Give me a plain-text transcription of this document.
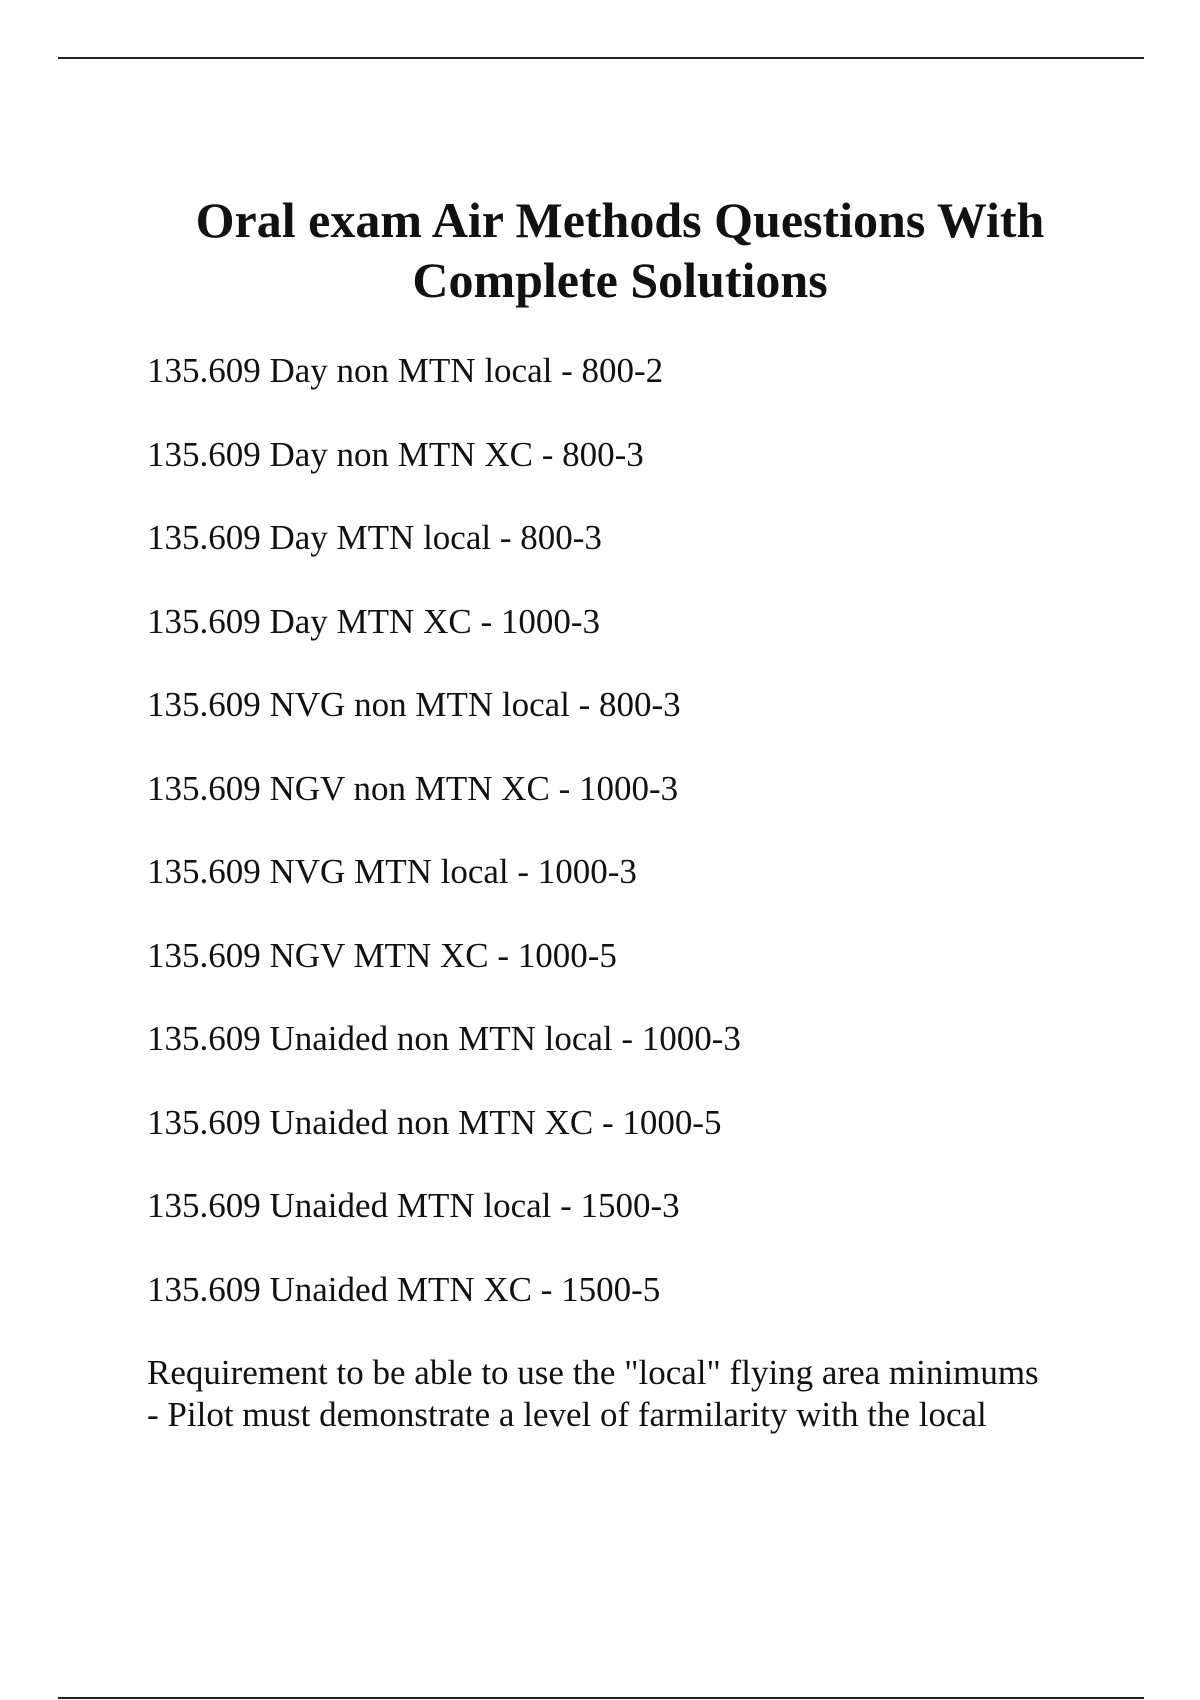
Oral exam Air Methods Questions With
Complete Solutions
135.609 Day non MTN local - 800-2
135.609 Day non MTN XC - 800-3
135.609 Day MTN local - 800-3
135.609 Day MTN XC - 1000-3
135.609 NVG non MTN local - 800-3
135.609 NGV non MTN XC - 1000-3
135.609 NVG MTN local - 1000-3
135.609 NGV MTN XC - 1000-5
135.609 Unaided non MTN local - 1000-3
135.609 Unaided non MTN XC - 1000-5
135.609 Unaided MTN local - 1500-3
135.609 Unaided MTN XC - 1500-5

Requirement to be able to use the "local" flying area minimums
- Pilot must demonstrate a level of farmilarity with the local
